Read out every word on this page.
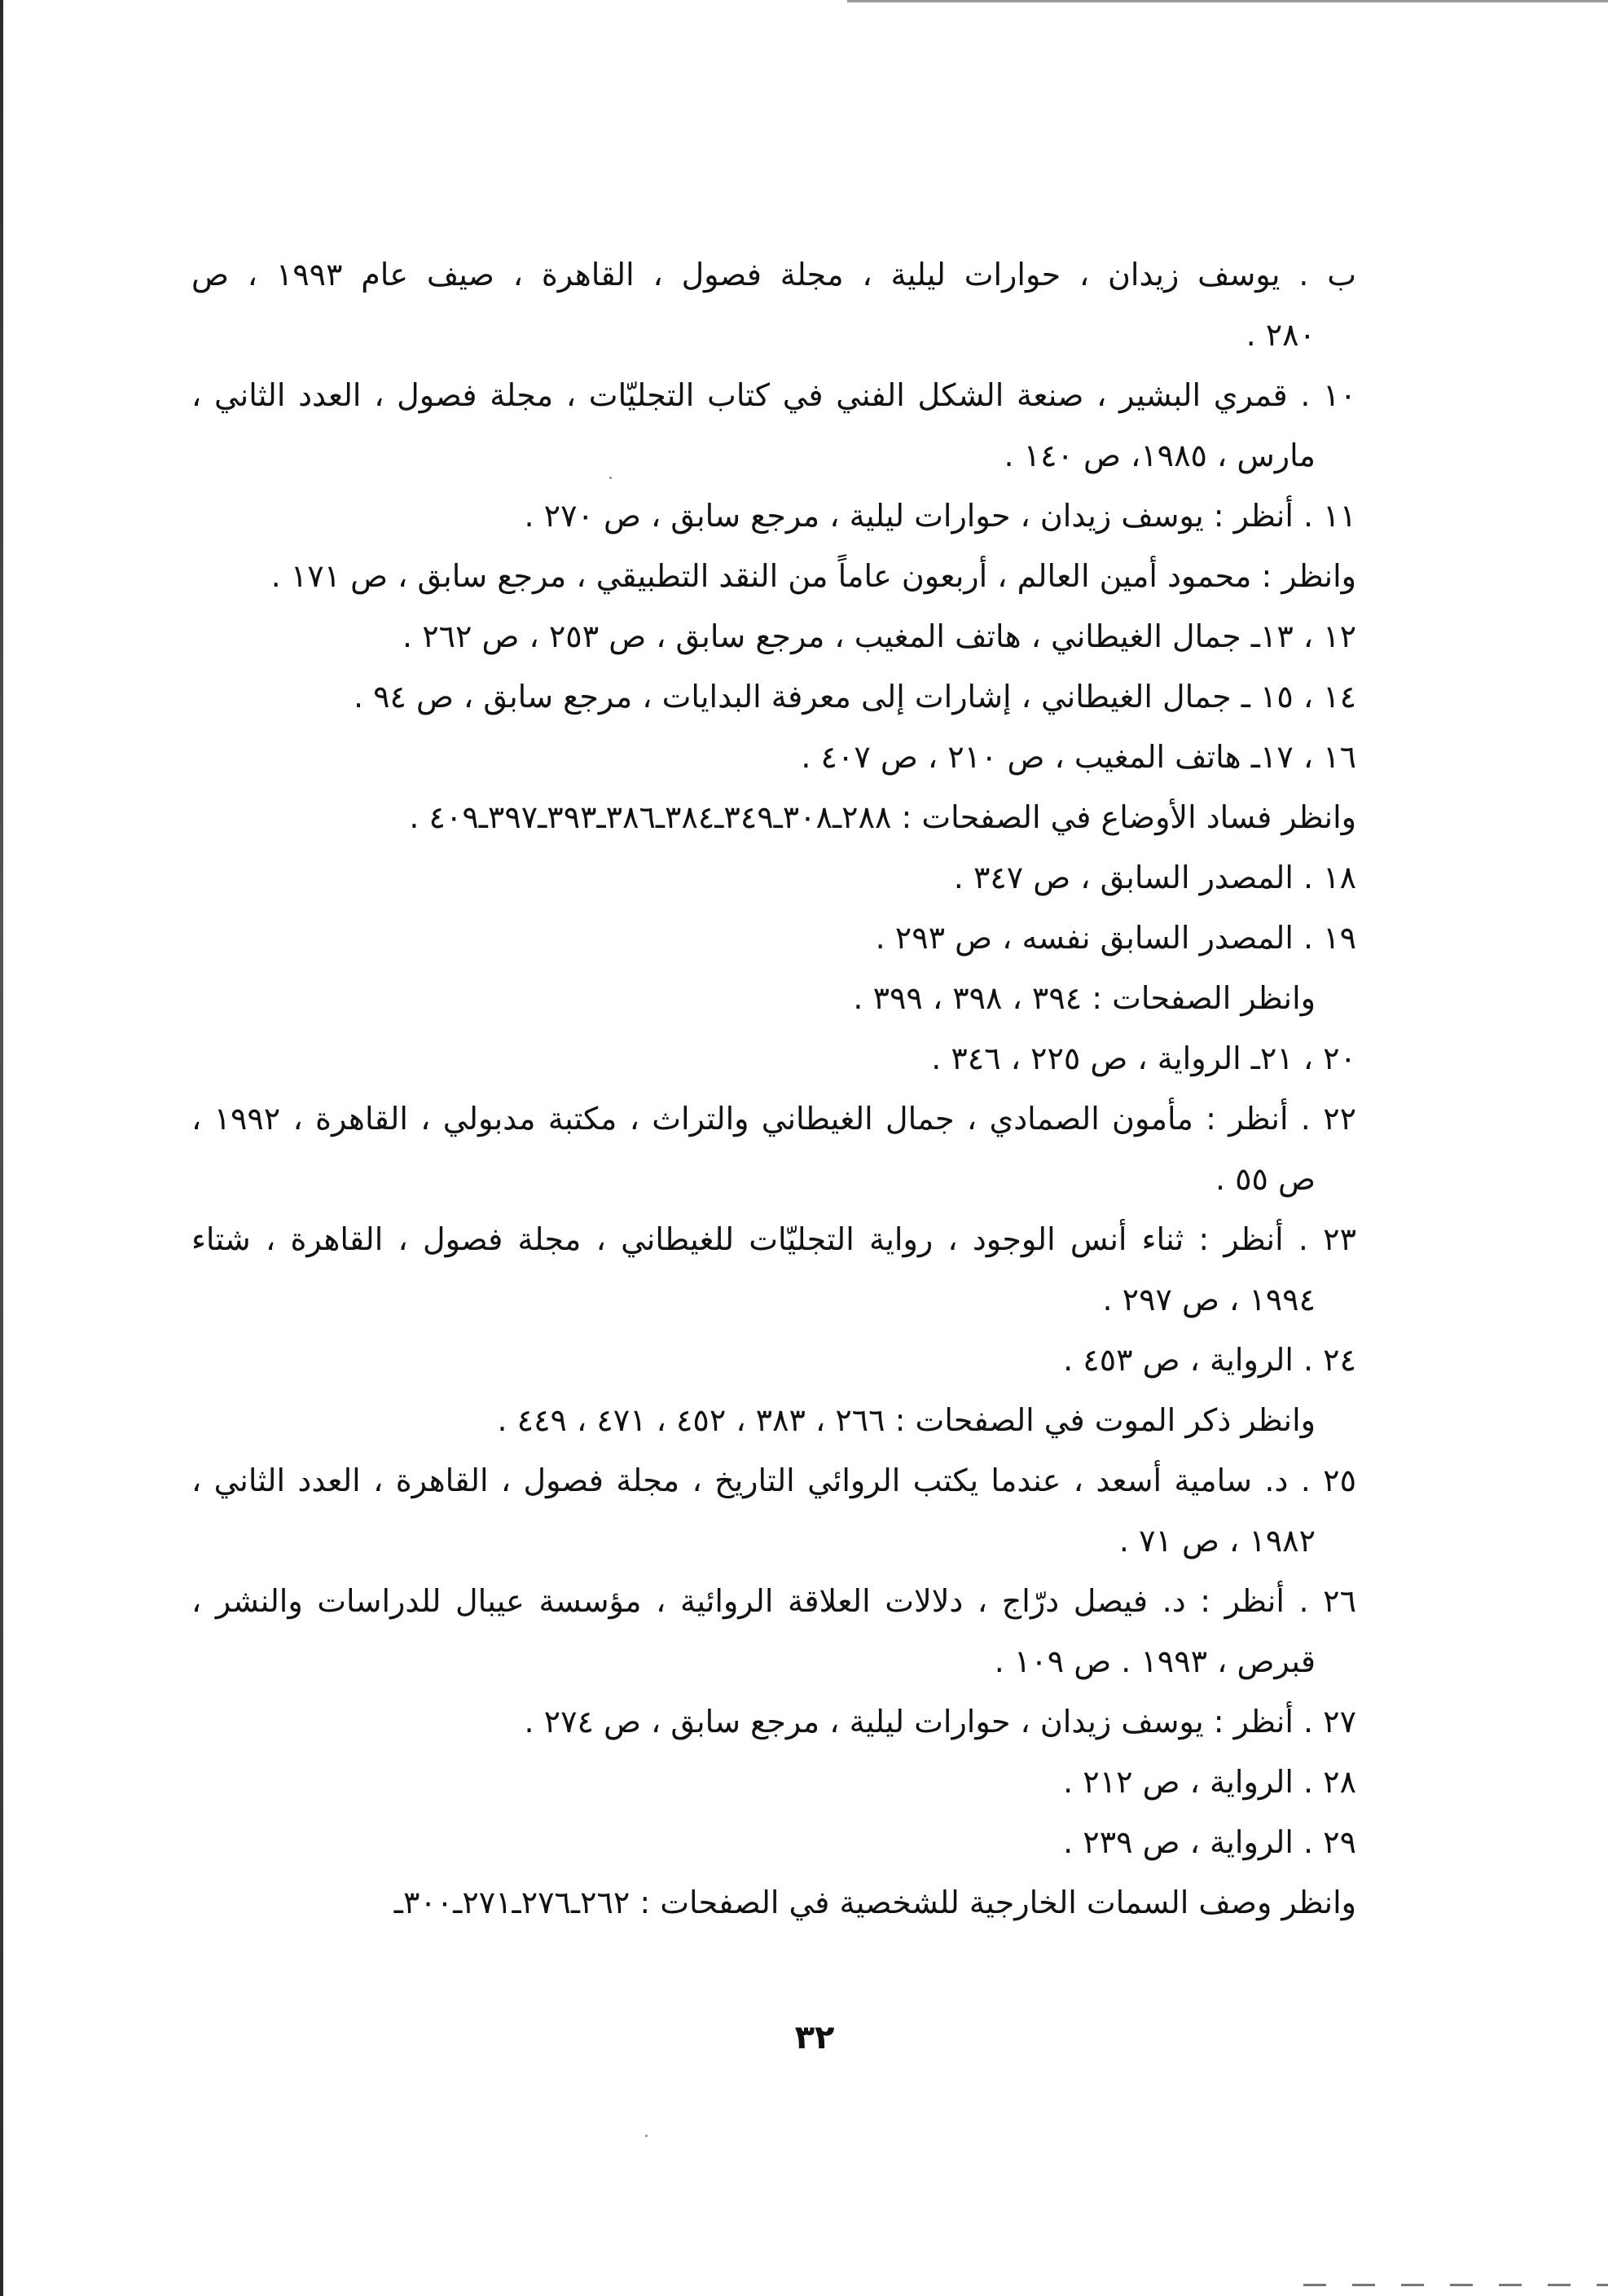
ب . يوسف زيدان ، حوارات ليلية ، مجلة فصول ، القاهرة ، صيف عام ١٩٩٣ ، ص
٢٨٠ .
١٠ . قمري البشير ، صنعة الشكل الفني في كتاب التجليّات ، مجلة فصول ، العدد الثاني ،
مارس ، ١٩٨٥، ص ١٤٠ .
١١ . أنظر : يوسف زيدان ، حوارات ليلية ، مرجع سابق ، ص ٢٧٠ .
وانظر : محمود أمين العالم ، أربعون عاماً من النقد التطبيقي ، مرجع سابق ، ص ١٧١ .
١٢ ، ١٣ـ جمال الغيطاني ، هاتف المغيب ، مرجع سابق ، ص ٢٥٣ ، ص ٢٦٢ .
١٤ ، ١٥ ـ جمال الغيطاني ، إشارات إلى معرفة البدايات ، مرجع سابق ، ص ٩٤ .
١٦ ، ١٧ـ هاتف المغيب ، ص ٢١٠ ، ص ٤٠٧ .
وانظر فساد الأوضاع في الصفحات : ٢٨٨ـ٣٠٨ـ٣٤٩ـ٣٨٤ـ٣٨٦ـ٣٩٣ـ٣٩٧ـ٤٠٩ .
١٨ . المصدر السابق ، ص ٣٤٧ .
١٩ . المصدر السابق نفسه ، ص ٢٩٣ .
وانظر الصفحات : ٣٩٤ ، ٣٩٨ ، ٣٩٩ .
٢٠ ، ٢١ـ الرواية ، ص ٢٢٥ ، ٣٤٦ .
٢٢ . أنظر : مأمون الصمادي ، جمال الغيطاني والتراث ، مكتبة مدبولي ، القاهرة ، ١٩٩٢ ،
ص ٥٥ .
٢٣ . أنظر : ثناء أنس الوجود ، رواية التجليّات للغيطاني ، مجلة فصول ، القاهرة ، شتاء
١٩٩٤ ، ص ٢٩٧ .
٢٤ . الرواية ، ص ٤٥٣ .
وانظر ذكر الموت في الصفحات : ٢٦٦ ، ٣٨٣ ، ٤٥٢ ، ٤٧١ ، ٤٤٩ .
٢٥ . د. سامية أسعد ، عندما يكتب الروائي التاريخ ، مجلة فصول ، القاهرة ، العدد الثاني ،
١٩٨٢ ، ص ٧١ .
٢٦ . أنظر : د. فيصل درّاج ، دلالات العلاقة الروائية ، مؤسسة عيبال للدراسات والنشر ،
قبرص ، ١٩٩٣ . ص ١٠٩ .
٢٧ . أنظر : يوسف زيدان ، حوارات ليلية ، مرجع سابق ، ص ٢٧٤ .
٢٨ . الرواية ، ص ٢١٢ .
٢٩ . الرواية ، ص ٢٣٩ .
وانظر وصف السمات الخارجية للشخصية في الصفحات : ٢٦٢ـ٢٧٦ـ٢٧١ـ٣٠٠ـ
٣٢
